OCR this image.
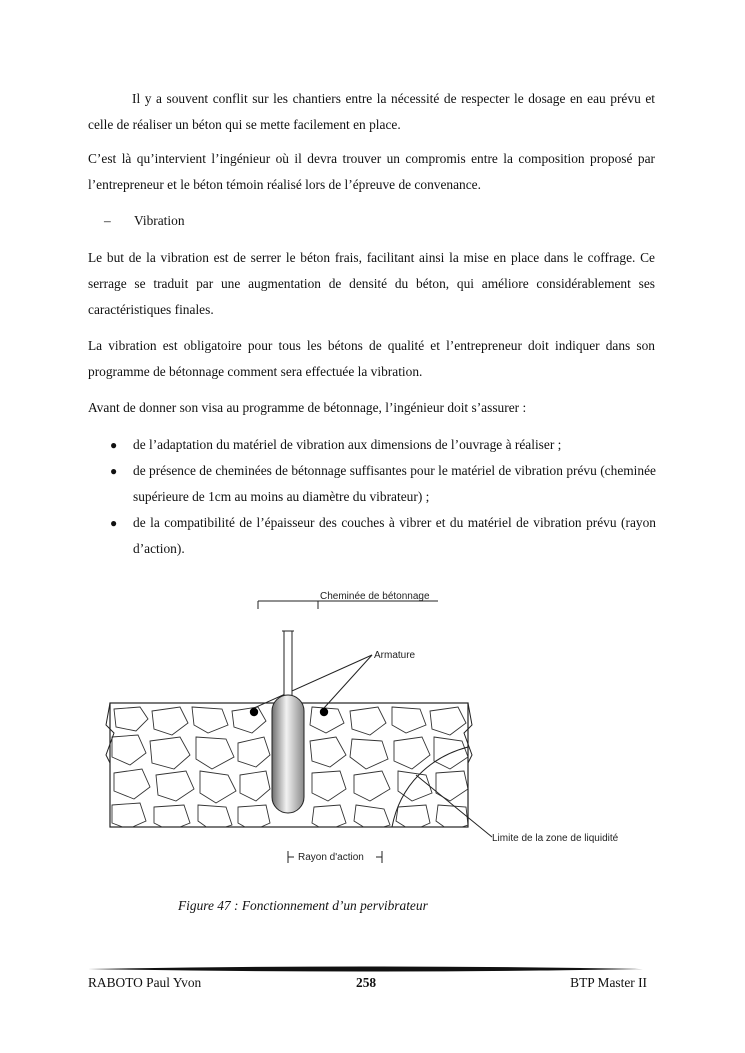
Il y a souvent conflit sur les chantiers entre la nécessité de respecter le dosage en eau prévu et celle de réaliser un béton qui se mette facilement en place.

C’est là qu’intervient l’ingénieur où il devra trouver un compromis entre la composition proposé par l’entrepreneur et le béton témoin réalisé lors de l’épreuve de convenance.

– Vibration

Le but de la vibration est de serrer le béton frais, facilitant ainsi la mise en place dans le coffrage. Ce serrage se traduit par une augmentation de densité du béton, qui améliore considérablement ses caractéristiques finales.

La vibration est obligatoire pour tous les bétons de qualité et l’entrepreneur doit indiquer dans son programme de bétonnage comment sera effectuée la vibration.

Avant de donner son visa au programme de bétonnage, l’ingénieur doit s’assurer :

● de l’adaptation du matériel de vibration aux dimensions de l’ouvrage à réaliser ;
● de présence de cheminées de bétonnage suffisantes pour le matériel de vibration prévu (cheminée supérieure de 1cm au moins au diamètre du vibrateur) ;
● de la compatibilité de l’épaisseur des couches à vibrer et du matériel de vibration prévu (rayon d’action).
Cheminée de bétonnage
Armature
Limite de la zone de liquidité
Rayon d'action
Figure 47 : Fonctionnement d’un pervibrateur
RABOTO Paul Yvon	258	BTP Master II
